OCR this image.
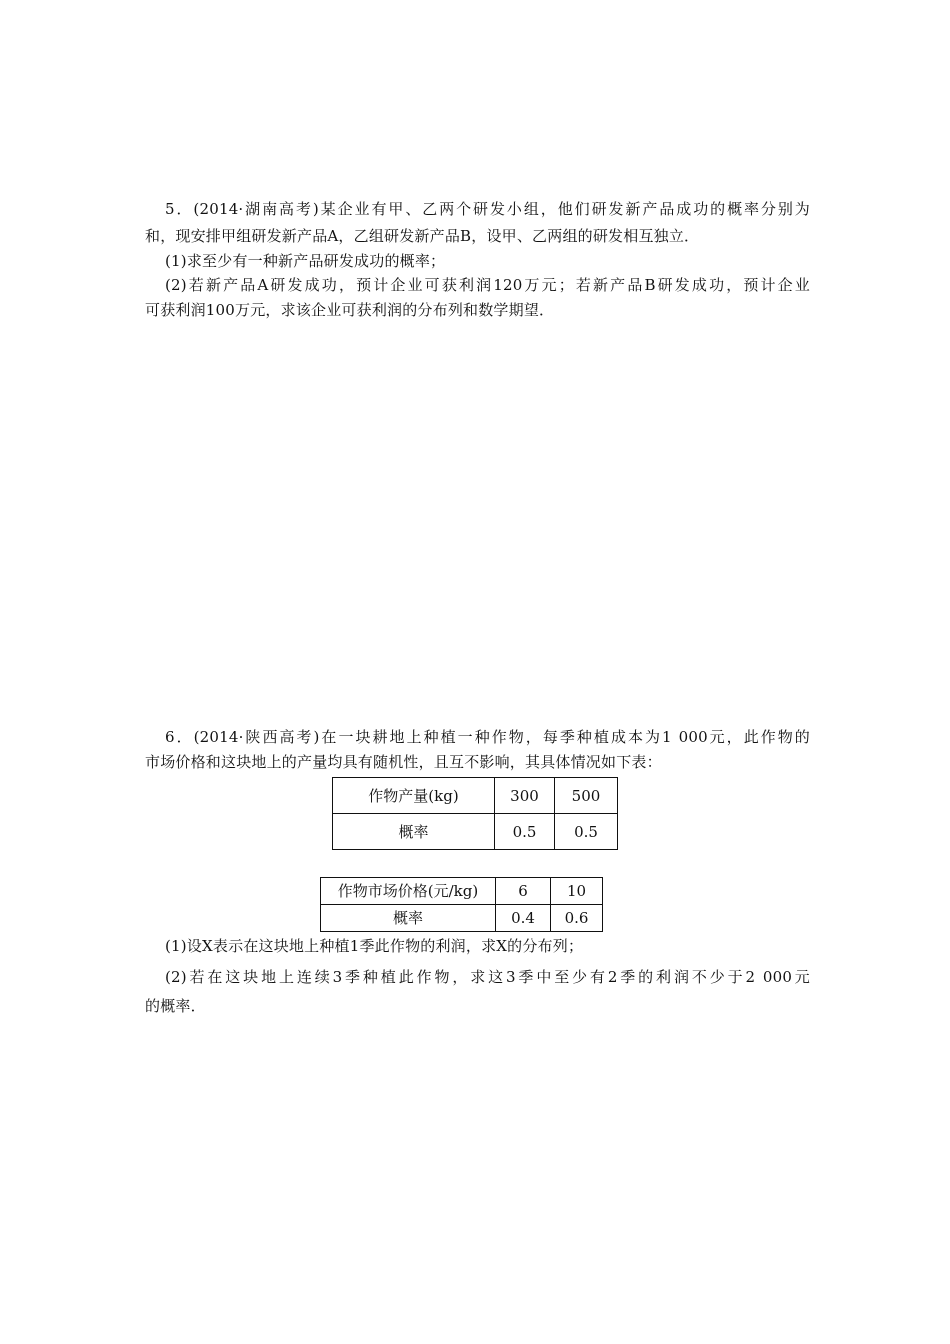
5．(2014·湖南高考)某企业有甲、乙两个研发小组，他们研发新产品成功的概率分别为
和，现安排甲组研发新产品A，乙组研发新产品B，设甲、乙两组的研发相互独立．
(1)求至少有一种新产品研发成功的概率；
(2)若新产品A研发成功，预计企业可获利润120万元；若新产品B研发成功，预计企业
可获利润100万元，求该企业可获利润的分布列和数学期望．
6．(2014·陕西高考)在一块耕地上种植一种作物，每季种植成本为1 000元，此作物的
市场价格和这块地上的产量均具有随机性，且互不影响，其具体情况如下表：
作物产量(kg)	300	500
概率	0.5	0.5
作物市场价格(元/kg)	6	10
概率	0.4	0.6
(1)设X表示在这块地上种植1季此作物的利润，求X的分布列；
(2)若在这块地上连续3季种植此作物，求这3季中至少有2季的利润不少于2 000元
的概率．
